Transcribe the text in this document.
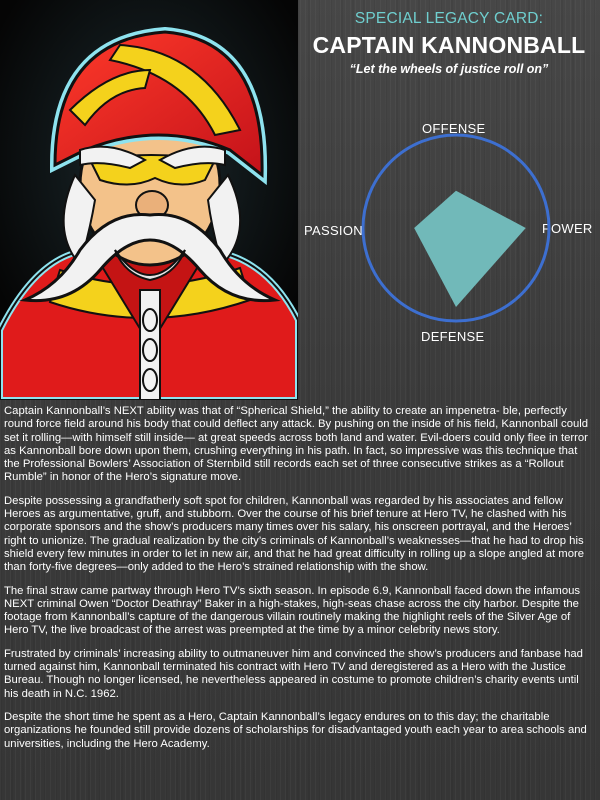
SPECIAL LEGACY CARD:
CAPTAIN KANNONBALL
“Let the wheels of justice roll on”
OFFENSE
POWER
DEFENSE
PASSION

Captain Kannonball’s NEXT ability was that of “Spherical Shield,” the ability to create an impenetra- ble, perfectly round force field around his body that could deflect any attack. By pushing on the inside of his field, Kannonball could set it rolling—with himself still inside— at great speeds across both land and water. Evil-doers could only flee in terror as Kannonball bore down upon them, crushing everything in his path. In fact, so impressive was this technique that the Professional Bowlers’ Association of Sternbild still records each set of three consecutive strikes as a “Rollout Rumble” in honor of the Hero’s signature move.

Despite possessing a grandfatherly soft spot for children, Kannonball was regarded by his associates and fellow Heroes as argumentative, gruff, and stubborn. Over the course of his brief tenure at Hero TV, he clashed with his corporate sponsors and the show’s producers many times over his salary, his onscreen portrayal, and the Heroes’ right to unionize. The gradual realization by the city’s criminals of Kannonball’s weaknesses—that he had to drop his shield every few minutes in order to let in new air, and that he had great difficulty in rolling up a slope angled at more than forty-five degrees—only added to the Hero’s strained relationship with the show.

The final straw came partway through Hero TV’s sixth season. In episode 6.9, Kannonball faced down the infamous NEXT criminal Owen “Doctor Deathray” Baker in a high-stakes, high-seas chase across the city harbor. Despite the footage from Kannonball’s capture of the dangerous villain routinely making the highlight reels of the Silver Age of Hero TV, the live broadcast of the arrest was preempted at the time by a minor celebrity news story.

Frustrated by criminals’ increasing ability to outmaneuver him and convinced the show’s producers and fanbase had turned against him, Kannonball terminated his contract with Hero TV and deregistered as a Hero with the Justice Bureau. Though no longer licensed, he nevertheless appeared in costume to promote children’s charity events until his death in N.C. 1962.

Despite the short time he spent as a Hero, Captain Kannonball’s legacy endures on to this day; the charitable organizations he founded still provide dozens of scholarships for disadvantaged youth each year to area schools and universities, including the Hero Academy.
